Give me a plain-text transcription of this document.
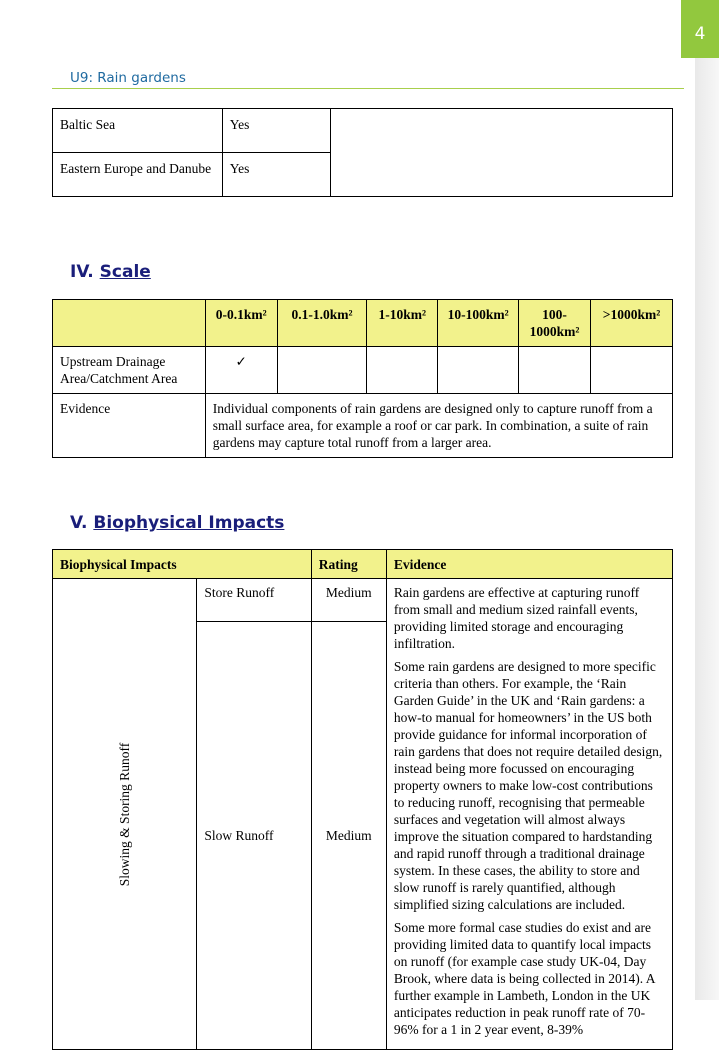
4
U9: Rain gardens
Baltic Sea	Yes	
Eastern Europe and Danube	Yes	
IV. Scale
	0-0.1km²	0.1-1.0km²	1-10km²	10-100km²	100-1000km²	>1000km²
Upstream Drainage Area/Catchment Area	✓					
Evidence	Individual components of rain gardens are designed only to capture runoff from a small surface area, for example a roof or car park. In combination, a suite of rain gardens may capture total runoff from a larger area.					
V. Biophysical Impacts
Biophysical Impacts		Rating	Evidence
Slowing & Storing Runoff	Store Runoff	Medium	Rain gardens are effective at capturing runoff from small and medium sized rainfall events, providing limited storage and encouraging infiltration.

Some rain gardens are designed to more specific criteria than others. For example, the ‘Rain Garden Guide’ in the UK and ‘Rain gardens: a how-to manual for homeowners’ in the US both provide guidance for informal incorporation of rain gardens that does not require detailed design, instead being more focussed on encouraging property owners to make low-cost contributions to reducing runoff, recognising that permeable surfaces and vegetation will almost always improve the situation compared to hardstanding and rapid runoff through a traditional drainage system. In these cases, the ability to store and slow runoff is rarely quantified, although simplified sizing calculations are included.

Some more formal case studies do exist and are providing limited data to quantify local impacts on runoff (for example case study UK-04, Day Brook, where data is being collected in 2014). A further example in Lambeth, London in the UK anticipates reduction in peak runoff rate of 70-96% for a 1 in 2 year event, 8-39%

	Slow Runoff	Medium	
